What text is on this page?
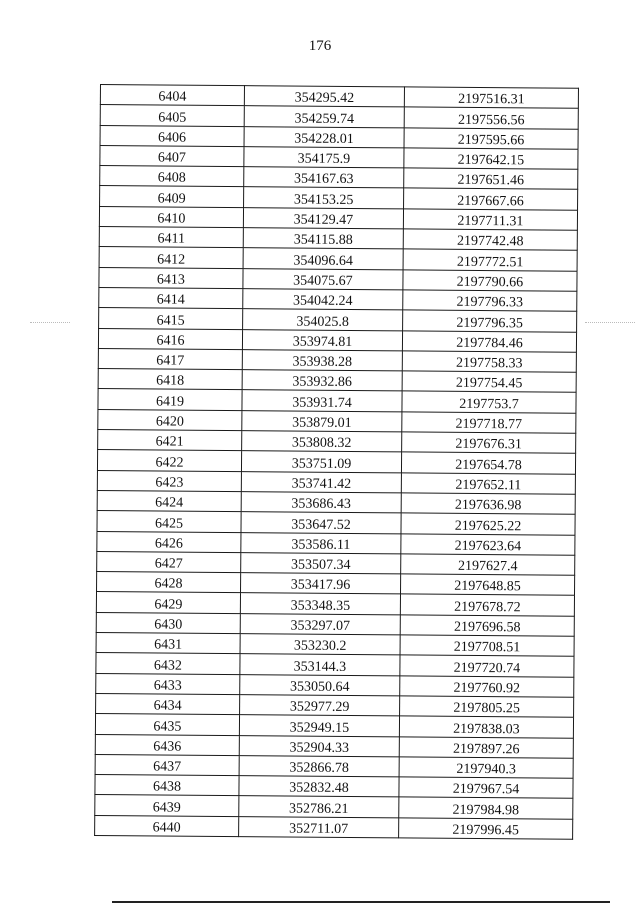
176
6404	354295.42	2197516.31
6405	354259.74	2197556.56
6406	354228.01	2197595.66
6407	354175.9	2197642.15
6408	354167.63	2197651.46
6409	354153.25	2197667.66
6410	354129.47	2197711.31
6411	354115.88	2197742.48
6412	354096.64	2197772.51
6413	354075.67	2197790.66
6414	354042.24	2197796.33
6415	354025.8	2197796.35
6416	353974.81	2197784.46
6417	353938.28	2197758.33
6418	353932.86	2197754.45
6419	353931.74	2197753.7
6420	353879.01	2197718.77
6421	353808.32	2197676.31
6422	353751.09	2197654.78
6423	353741.42	2197652.11
6424	353686.43	2197636.98
6425	353647.52	2197625.22
6426	353586.11	2197623.64
6427	353507.34	2197627.4
6428	353417.96	2197648.85
6429	353348.35	2197678.72
6430	353297.07	2197696.58
6431	353230.2	2197708.51
6432	353144.3	2197720.74
6433	353050.64	2197760.92
6434	352977.29	2197805.25
6435	352949.15	2197838.03
6436	352904.33	2197897.26
6437	352866.78	2197940.3
6438	352832.48	2197967.54
6439	352786.21	2197984.98
6440	352711.07	2197996.45
